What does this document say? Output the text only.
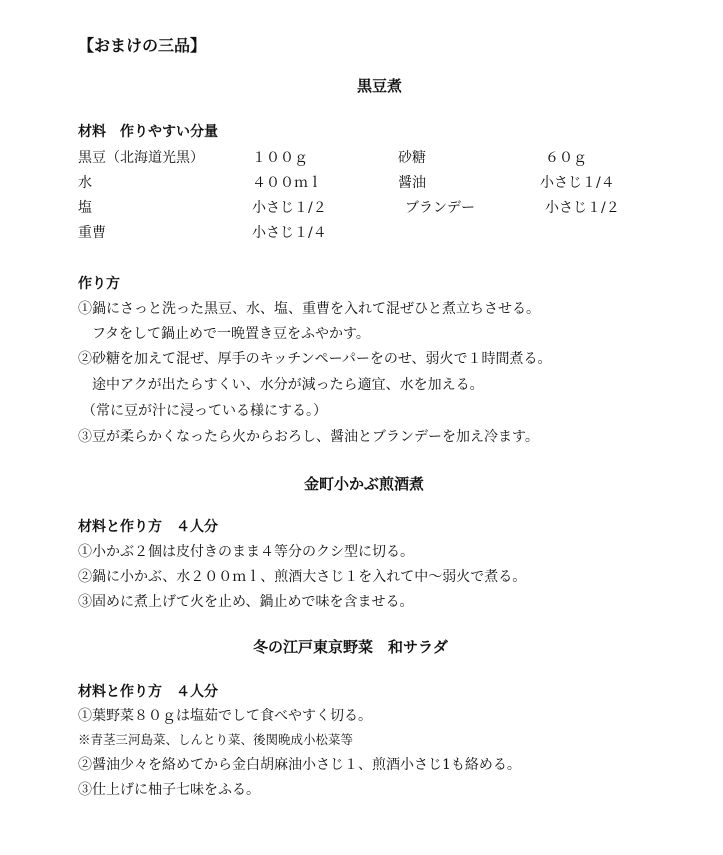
【おまけの三品】
黒豆煮
材料　作りやすい分量
黒豆（北海道光黒）	１００ｇ	砂糖	６０ｇ
水	４００ｍｌ	醤油	小さじ１/４
塩	小さじ１/２	ブランデー	小さじ１/２
重曹	小さじ１/４
作り方
①鍋にさっと洗った黒豆、水、塩、重曹を入れて混ぜひと煮立ちさせる。
　フタをして鍋止めで一晩置き豆をふやかす。
②砂糖を加えて混ぜ、厚手のキッチンペーパーをのせ、弱火で１時間煮る。
　途中アクが出たらすくい、水分が減ったら適宜、水を加える。
（常に豆が汁に浸っている様にする。）
③豆が柔らかくなったら火からおろし、醤油とブランデーを加え冷ます。
金町小かぶ煎酒煮
材料と作り方　４人分
①小かぶ２個は皮付きのまま４等分のクシ型に切る。
②鍋に小かぶ、水２００ｍｌ、煎酒大さじ１を入れて中〜弱火で煮る。
③固めに煮上げて火を止め、鍋止めで味を含ませる。
冬の江戸東京野菜　和サラダ
材料と作り方　４人分
①葉野菜８０ｇは塩茹でして食べやすく切る。
※青茎三河島菜、しんとり菜、後関晩成小松菜等
②醤油少々を絡めてから金白胡麻油小さじ１、煎酒小さじ1も絡める。
③仕上げに柚子七味をふる。
